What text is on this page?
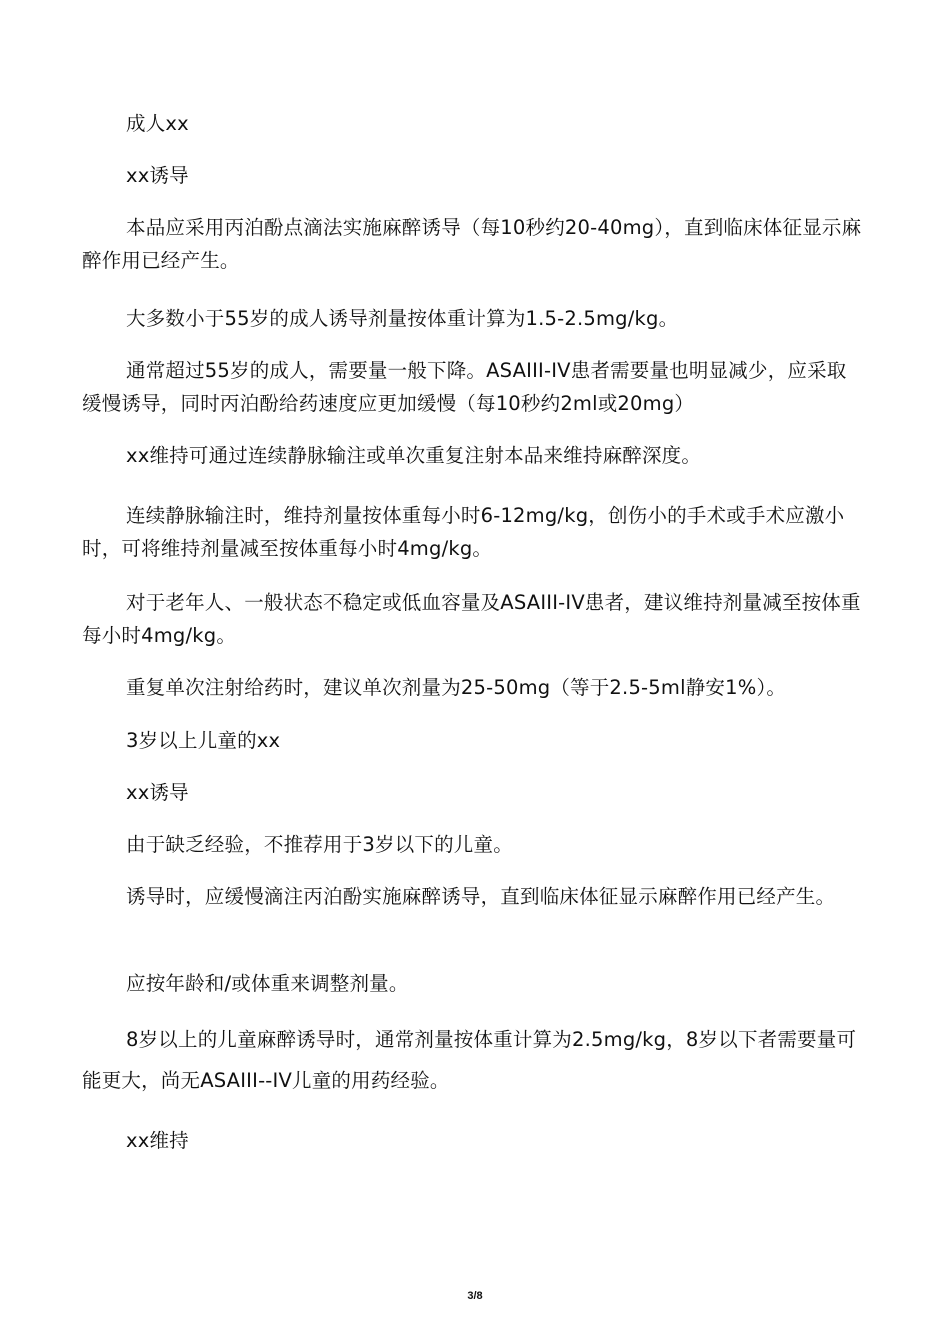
成人xx

xx诱导

本品应采用丙泊酚点滴法实施麻醉诱导（每10秒约20-40mg），直到临床体征显示麻醉作用已经产生。

大多数小于55岁的成人诱导剂量按体重计算为1.5-2.5mg/kg。

通常超过55岁的成人，需要量一般下降。ASAIII-IV患者需要量也明显减少，应采取缓慢诱导，同时丙泊酚给药速度应更加缓慢（每10秒约2ml或20mg）

xx维持可通过连续静脉输注或单次重复注射本品来维持麻醉深度。

连续静脉输注时，维持剂量按体重每小时6-12mg/kg，创伤小的手术或手术应激小时，可将维持剂量减至按体重每小时4mg/kg。

对于老年人、一般状态不稳定或低血容量及ASAIII-IV患者，建议维持剂量减至按体重每小时4mg/kg。

重复单次注射给药时，建议单次剂量为25-50mg（等于2.5-5ml静安1%）。

3岁以上儿童的xx

xx诱导

由于缺乏经验，不推荐用于3岁以下的儿童。

诱导时，应缓慢滴注丙泊酚实施麻醉诱导，直到临床体征显示麻醉作用已经产生。

应按年龄和/或体重来调整剂量。

8岁以上的儿童麻醉诱导时，通常剂量按体重计算为2.5mg/kg，8岁以下者需要量可能更大，尚无ASAIII--IV儿童的用药经验。

xx维持

3/8
